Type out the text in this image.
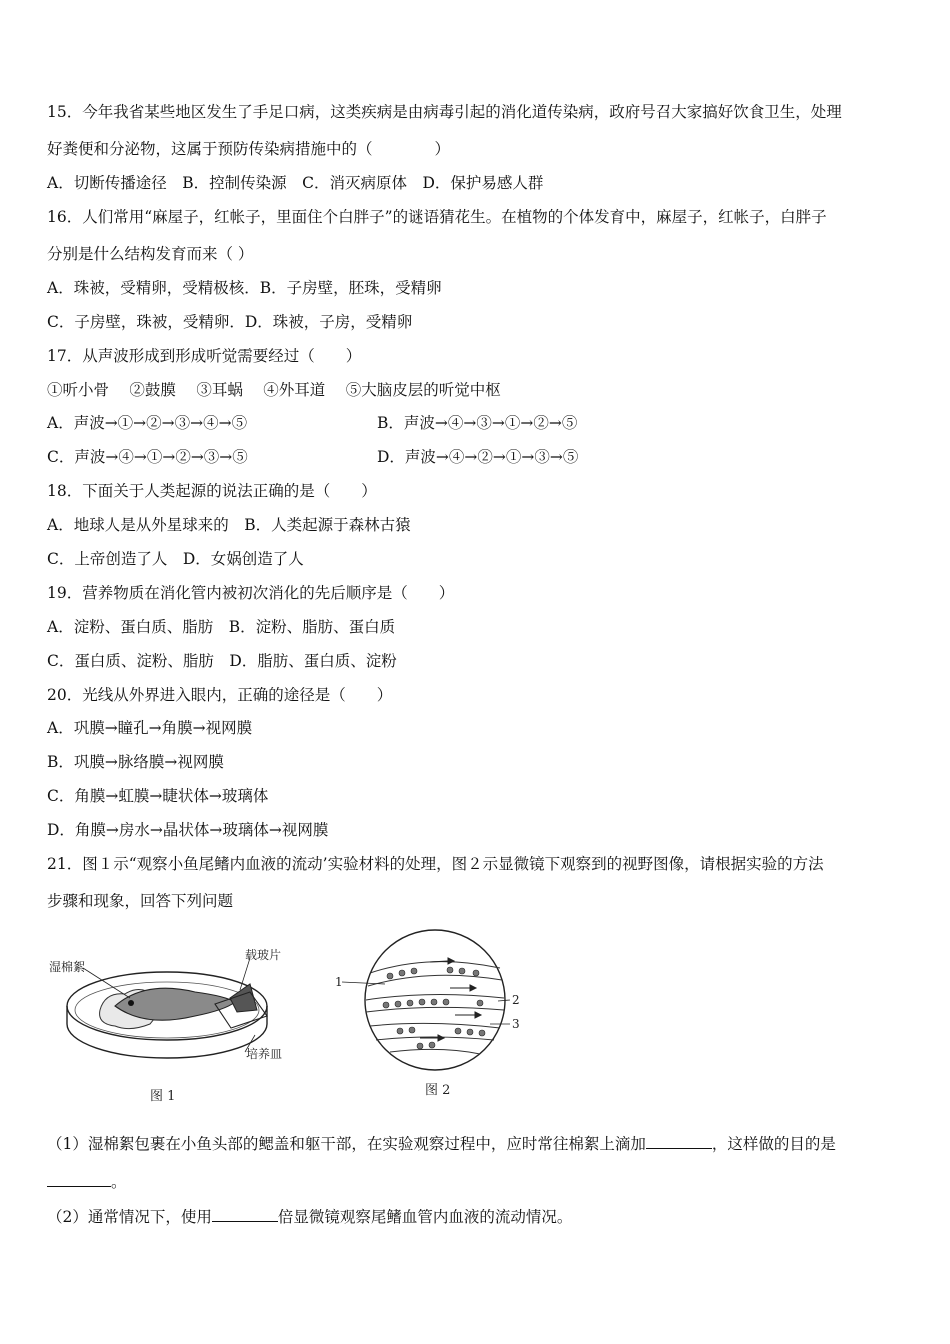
15．今年我省某些地区发生了手足口病，这类疾病是由病毒引起的消化道传染病，政府号召大家搞好饮食卫生，处理
好粪便和分泌物，这属于预防传染病措施中的（　　　　）
A．切断传播途径　B．控制传染源　C．消灭病原体　D．保护易感人群
16．人们常用“麻屋子，红帐子，里面住个白胖子”的谜语猜花生。在植物的个体发育中，麻屋子，红帐子，白胖子
分别是什么结构发育而来（ ）
A．珠被，受精卵，受精极核．B．子房壁，胚珠，受精卵
C．子房壁，珠被，受精卵．D．珠被，子房，受精卵
17．从声波形成到形成听觉需要经过（　　）
①听小骨　 ②鼓膜　 ③耳蜗　 ④外耳道　 ⑤大脑皮层的听觉中枢
A．声波→①→②→③→④→⑤	B．声波→④→③→①→②→⑤
C．声波→④→①→②→③→⑤	D．声波→④→②→①→③→⑤
18．下面关于人类起源的说法正确的是（　　）
A．地球人是从外星球来的　B．人类起源于森林古猿
C．上帝创造了人　D．女娲创造了人
19．营养物质在消化管内被初次消化的先后顺序是（　　）
A．淀粉、蛋白质、脂肪　B．淀粉、脂肪、蛋白质
C．蛋白质、淀粉、脂肪　D．脂肪、蛋白质、淀粉
20．光线从外界进入眼内，正确的途径是（　　）
A．巩膜→瞳孔→角膜→视网膜
B．巩膜→脉络膜→视网膜
C．角膜→虹膜→睫状体→玻璃体
D．角膜→房水→晶状体→玻璃体→视网膜
21．图１示“观察小鱼尾鳍内血液的流动’实验材料的处理，图２示显微镜下观察到的视野图像，请根据实验的方法
步骤和现象，回答下列问题
湿棉絮
载玻片
培养皿
图 1
1
2
3
图 2
（1）湿棉絮包裹在小鱼头部的鳃盖和躯干部，在实验观察过程中，应时常往棉絮上滴加	，这样做的目的是
。
（2）通常情况下，使用	倍显微镜观察尾鳍血管内血液的流动情况。
